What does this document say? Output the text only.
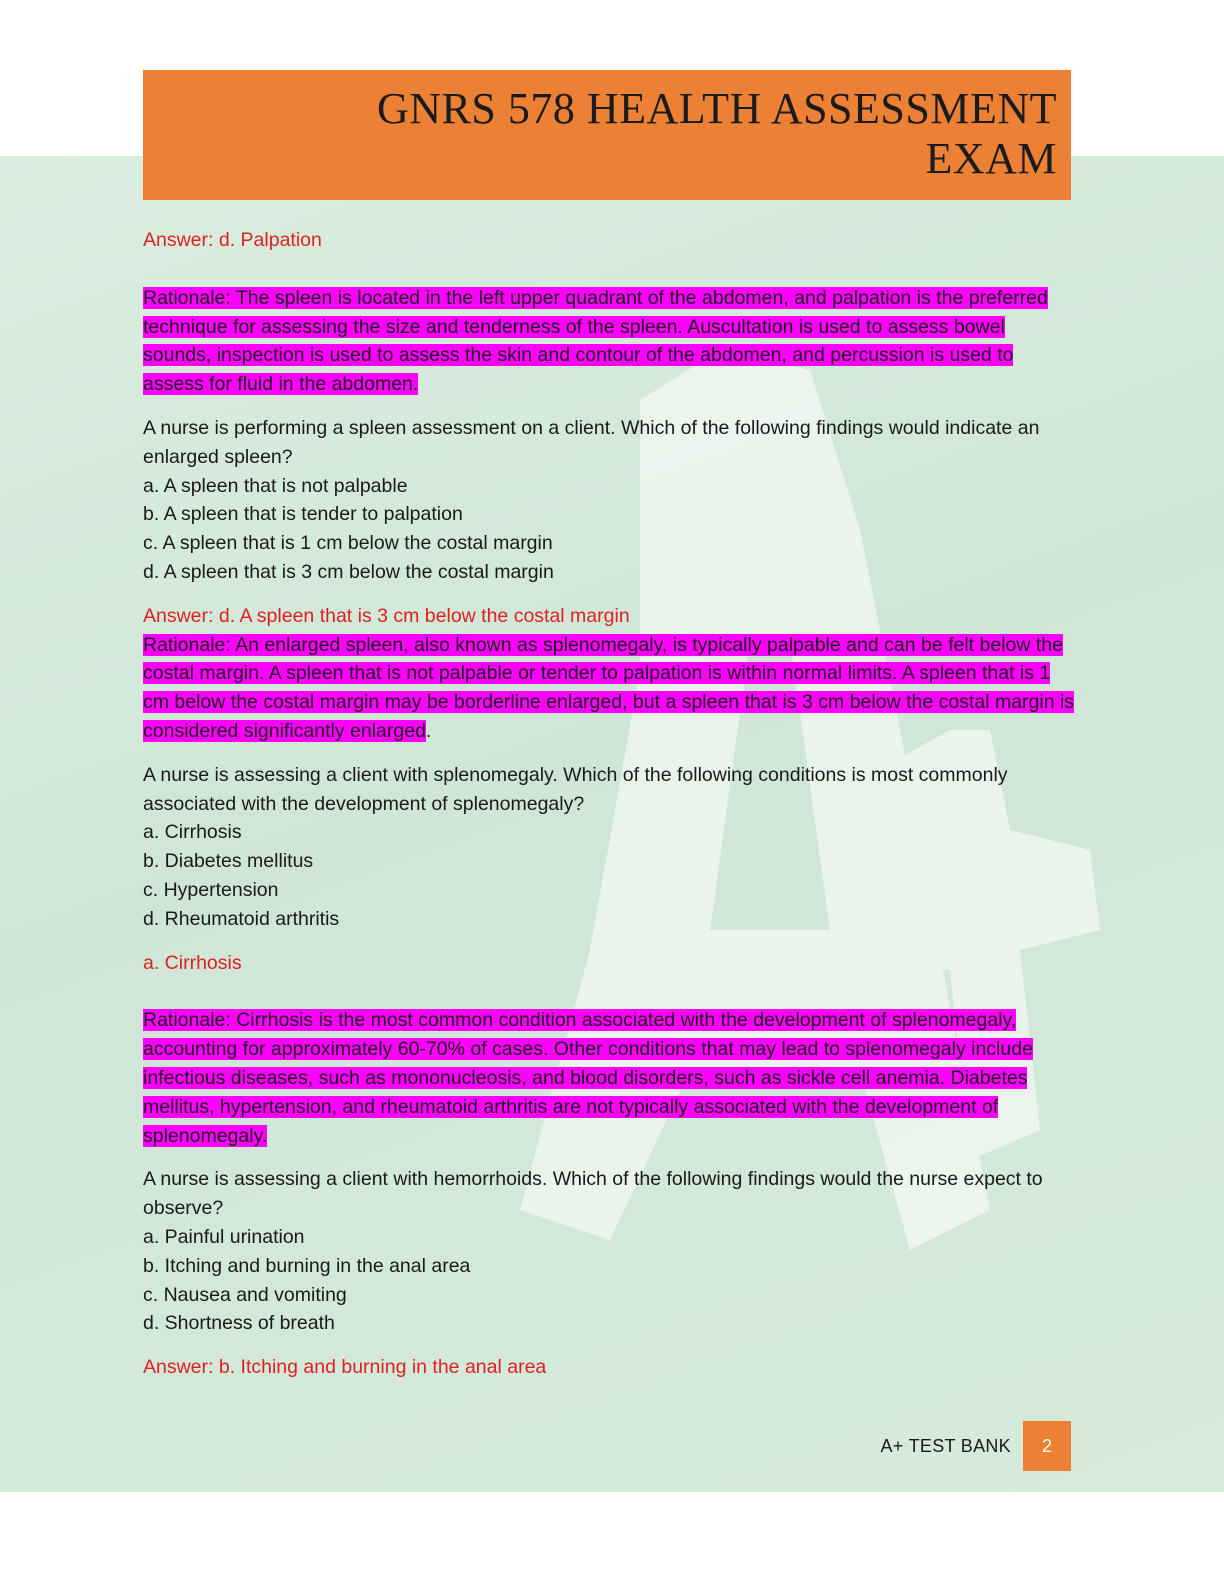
GNRS 578 HEALTH ASSESSMENT
EXAM

Answer: d. Palpation

Rationale: The spleen is located in the left upper quadrant of the abdomen, and palpation is the preferred technique for assessing the size and tenderness of the spleen. Auscultation is used to assess bowel sounds, inspection is used to assess the skin and contour of the abdomen, and percussion is used to assess for fluid in the abdomen.

A nurse is performing a spleen assessment on a client. Which of the following findings would indicate an enlarged spleen?

a. A spleen that is not palpable
b. A spleen that is tender to palpation
c. A spleen that is 1 cm below the costal margin
d. A spleen that is 3 cm below the costal margin

Answer: d. A spleen that is 3 cm below the costal margin

Rationale: An enlarged spleen, also known as splenomegaly, is typically palpable and can be felt below the costal margin. A spleen that is not palpable or tender to palpation is within normal limits. A spleen that is 1 cm below the costal margin may be borderline enlarged, but a spleen that is 3 cm below the costal margin is considered significantly enlarged.

A nurse is assessing a client with splenomegaly. Which of the following conditions is most commonly associated with the development of splenomegaly?

a. Cirrhosis
b. Diabetes mellitus
c. Hypertension
d. Rheumatoid arthritis

a. Cirrhosis

Rationale: Cirrhosis is the most common condition associated with the development of splenomegaly, accounting for approximately 60-70% of cases. Other conditions that may lead to splenomegaly include infectious diseases, such as mononucleosis, and blood disorders, such as sickle cell anemia. Diabetes mellitus, hypertension, and rheumatoid arthritis are not typically associated with the development of splenomegaly.

A nurse is assessing a client with hemorrhoids. Which of the following findings would the nurse expect to observe?

a. Painful urination
b. Itching and burning in the anal area
c. Nausea and vomiting
d. Shortness of breath

Answer: b. Itching and burning in the anal area

A+ TEST BANK	2
